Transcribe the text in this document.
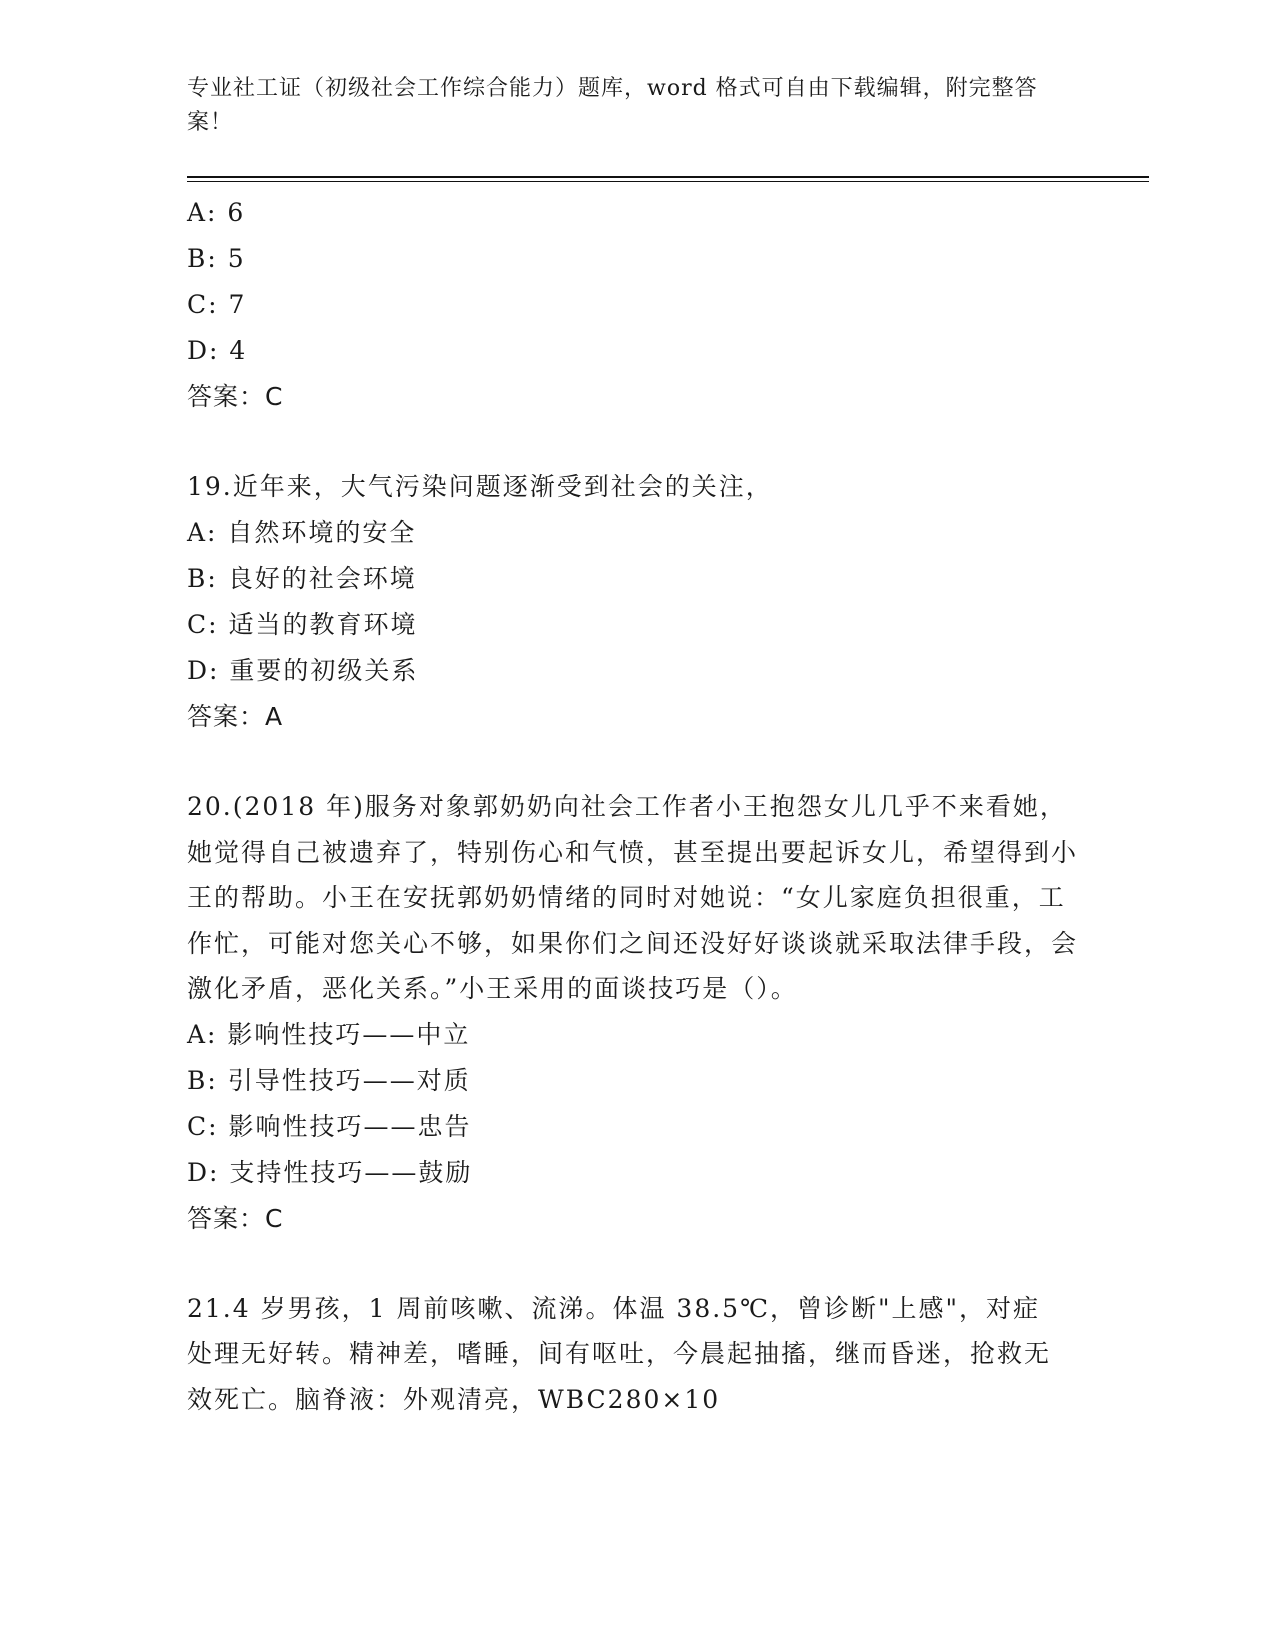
专业社工证（初级社会工作综合能力）题库，word 格式可自由下载编辑，附完整答案！
A: 6
B: 5
C: 7
D: 4
答案：C
19.近年来，大气污染问题逐渐受到社会的关注，
A: 自然环境的安全
B: 良好的社会环境
C: 适当的教育环境
D: 重要的初级关系
答案：A
20.(2018 年)服务对象郭奶奶向社会工作者小王抱怨女儿几乎不来看她，她觉得自己被遗弃了，特别伤心和气愤，甚至提出要起诉女儿，希望得到小王的帮助。小王在安抚郭奶奶情绪的同时对她说：“女儿家庭负担很重，工作忙，可能对您关心不够，如果你们之间还没好好谈谈就采取法律手段，会激化矛盾，恶化关系。”小王采用的面谈技巧是（）。
A: 影响性技巧——中立
B: 引导性技巧——对质
C: 影响性技巧——忠告
D: 支持性技巧——鼓励
答案：C
21.4 岁男孩，1 周前咳嗽、流涕。体温 38.5℃，曾诊断"上感"，对症处理无好转。精神差，嗜睡，间有呕吐，今晨起抽搐，继而昏迷，抢救无效死亡。脑脊液：外观清亮，WBC280×10
